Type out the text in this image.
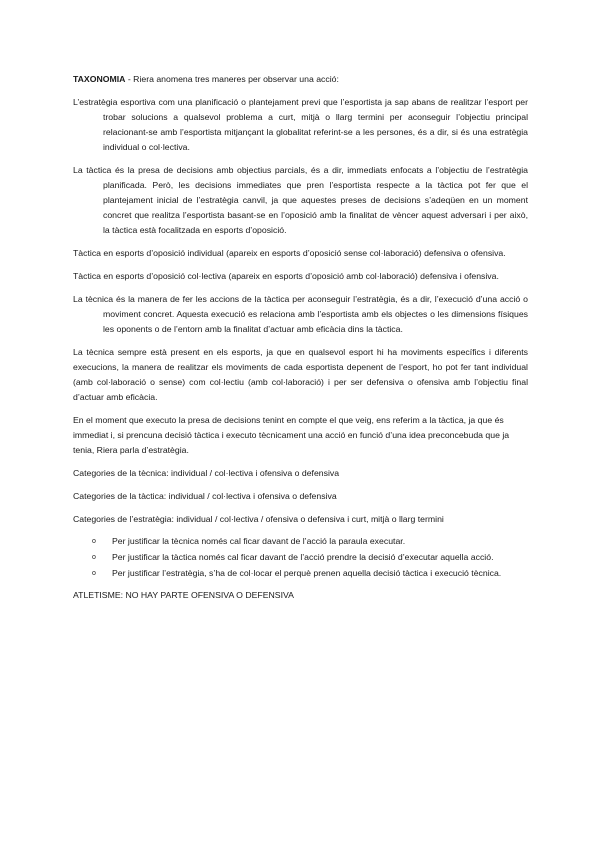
TAXONOMIA - Riera anomena tres maneres per observar una acció:

L’estratègia esportiva com una planificació o plantejament previ que l’esportista ja sap abans de realitzar l’esport per trobar solucions a qualsevol problema a curt, mitjà o llarg termini per aconseguir l’objectiu principal relacionant-se amb l’esportista mitjançant la globalitat referint-se a les persones, és a dir, si és una estratègia individual o col·lectiva.

La tàctica és la presa de decisions amb objectius parcials, és a dir, immediats enfocats a l’objectiu de l’estratègia planificada. Però, les decisions immediates que pren l’esportista respecte a la tàctica pot fer que el plantejament inicial de l’estratègia canvil, ja que aquestes preses de decisions s’adeqüen en un moment concret que realitza l’esportista basant-se en l’oposició amb la finalitat de vèncer aquest adversari i per això, la tàctica està focalitzada en esports d’oposició.

Tàctica en esports d’oposició individual (apareix en esports d’oposició sense col·laboració) defensiva o ofensiva.

Tàctica en esports d’oposició col·lectiva (apareix en esports d’oposició amb col·laboració) defensiva i ofensiva.

La tècnica és la manera de fer les accions de la tàctica per aconseguir l’estratègia, és a dir, l’execució d’una acció o moviment concret. Aquesta execució es relaciona amb l’esportista amb els objectes o les dimensions físiques les oponents o de l’entorn amb la finalitat d’actuar amb eficàcia dins la tàctica.

La tècnica sempre està present en els esports, ja que en qualsevol esport hi ha moviments específics i diferents execucions, la manera de realitzar els moviments de cada esportista depenent de l’esport, ho pot fer tant individual (amb col·laboració o sense) com col·lectiu (amb col·laboració) i per ser defensiva o ofensiva amb l’objectiu final d’actuar amb eficàcia.

En el moment que executo la presa de decisions tenint en compte el que veig, ens referim a la tàctica, ja que és immediat i, si prencuna decisió tàctica i executo tècnicament una acció en funció d’una idea preconcebuda que ja tenia, Riera parla d’estratègia.

Categories de la tècnica: individual / col·lectiva i ofensiva o defensiva

Categories de la tàctica: individual / col·lectiva i ofensiva o defensiva

Categories de l’estratègia: individual / col·lectiva / ofensiva o defensiva i curt, mitjà o llarg termini

o Per justificar la tècnica només cal ficar davant de l’acció la paraula executar.
o Per justificar la tàctica només cal ficar davant de l’acció prendre la decisió d’executar aquella acció.
o Per justificar l’estratègia, s’ha de col·locar el perquè prenen aquella decisió tàctica i execució tècnica.

ATLETISME: NO HAY PARTE OFENSIVA O DEFENSIVA
